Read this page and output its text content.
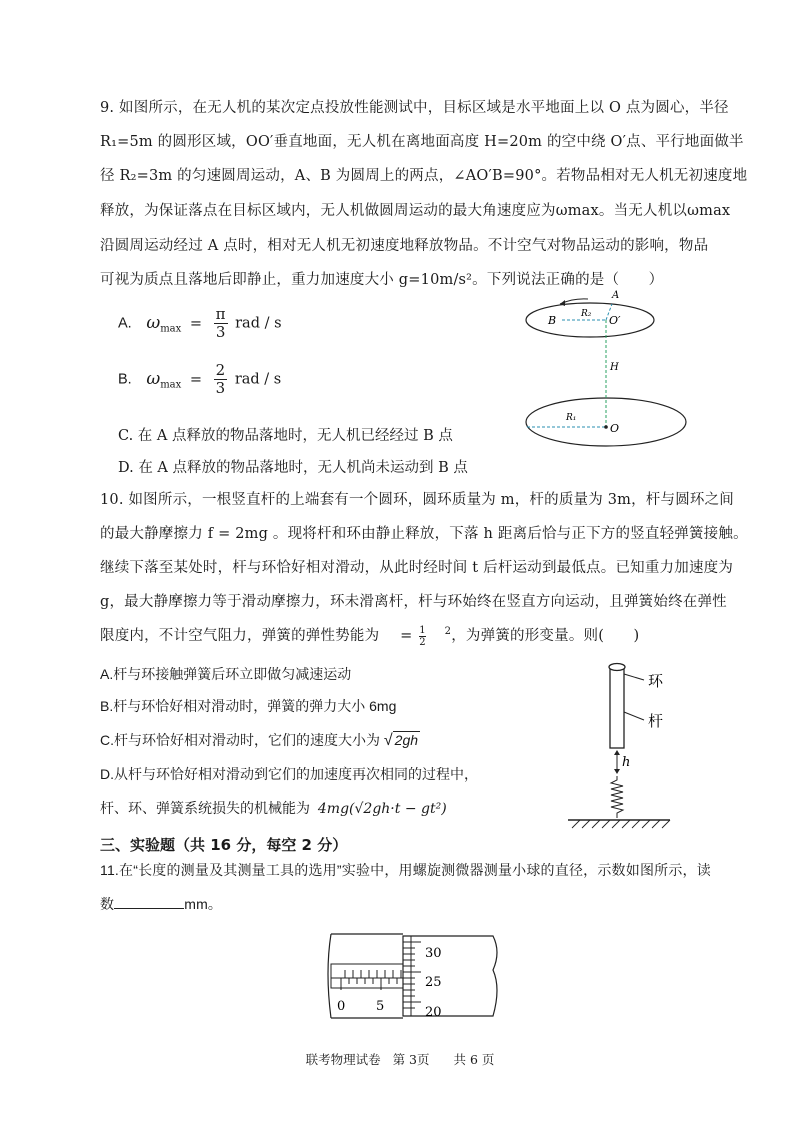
9. 如图所示，在无人机的某次定点投放性能测试中，目标区域是水平地面上以 O 点为圆心，半径
R₁=5m 的圆形区域，OO′垂直地面，无人机在离地面高度 H=20m 的空中绕 O′点、平行地面做半
径 R₂=3m 的匀速圆周运动，A、B 为圆周上的两点，∠AO′B=90°。若物品相对无人机无初速度地
释放，为保证落点在目标区域内，无人机做圆周运动的最大角速度应为ωmax。当无人机以ωmax
沿圆周运动经过 A 点时，相对无人机无初速度地释放物品。不计空气对物品运动的影响，物品
可视为质点且落地后即静止，重力加速度大小 g=10m/s²。下列说法正确的是（　　）
A. $\omega_{max} = \frac{\pi}{3}$ rad / s
B. $\omega_{max} = \frac{2}{3}$ rad / s
C. 在 A 点释放的物品落地时，无人机已经经过 B 点
D. 在 A 点释放的物品落地时，无人机尚未运动到 B 点
A
B	O′
R₂
H
R₁
O
10. 如图所示，一根竖直杆的上端套有一个圆环，圆环质量为 m，杆的质量为 3m，杆与圆环之间
的最大静摩擦力 f = 2mg 。现将杆和环由静止释放，下落 h 距离后恰与正下方的竖直轻弹簧接触。
继续下落至某处时，杆与环恰好相对滑动，从此时经时间 t 后杆运动到最低点。已知重力加速度为
g，最大静摩擦力等于滑动摩擦力，环未滑离杆，杆与环始终在竖直方向运动，且弹簧始终在弹性
限度内，不计空气阻力，弹簧的弹性势能为 = $\frac{1}{2} ^2$，为弹簧的形变量。则(　　)
A.杆与环接触弹簧后环立即做匀减速运动
B.杆与环恰好相对滑动时，弹簧的弹力大小 6mg
C.杆与环恰好相对滑动时，它们的速度大小为 √ 2gh
D.从杆与环恰好相对滑动到它们的加速度再次相同的过程中，
杆、环、弹簧系统损失的机械能为 4mg(√2gh·t − gt²)
环
杆
h
三、实验题（共 16 分，每空 2 分）
11.在“长度的测量及其测量工具的选用”实验中，用螺旋测微器测量小球的直径，示数如图所示，读
数	mm。
0 5
30
25
20
联考物理试卷 第 3页 共 6 页
